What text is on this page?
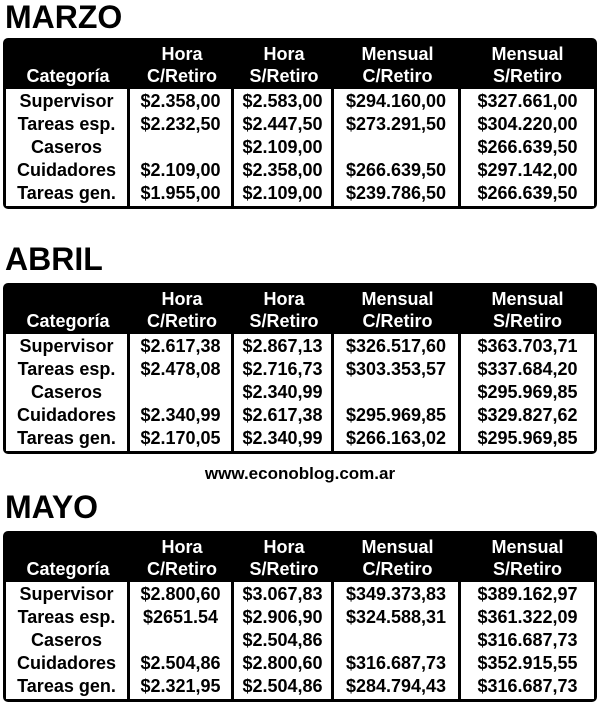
MARZO
Categoría
Hora
C/Retiro
Hora
S/Retiro
Mensual
C/Retiro
Mensual
S/Retiro
Supervisor
Tareas esp.
Caseros
Cuidadores
Tareas gen.
$2.358,00
$2.232,50
$2.109,00
$1.955,00
$2.583,00
$2.447,50
$2.109,00
$2.358,00
$2.109,00
$294.160,00
$273.291,50
$266.639,50
$239.786,50
$327.661,00
$304.220,00
$266.639,50
$297.142,00
$266.639,50
ABRIL
Categoría
Hora
C/Retiro
Hora
S/Retiro
Mensual
C/Retiro
Mensual
S/Retiro
Supervisor
Tareas esp.
Caseros
Cuidadores
Tareas gen.
$2.617,38
$2.478,08
$2.340,99
$2.170,05
$2.867,13
$2.716,73
$2.340,99
$2.617,38
$2.340,99
$326.517,60
$303.353,57
$295.969,85
$266.163,02
$363.703,71
$337.684,20
$295.969,85
$329.827,62
$295.969,85
www.econoblog.com.ar
MAYO
Categoría
Hora
C/Retiro
Hora
S/Retiro
Mensual
C/Retiro
Mensual
S/Retiro
Supervisor
Tareas esp.
Caseros
Cuidadores
Tareas gen.
$2.800,60
$2651.54
$2.504,86
$2.321,95
$3.067,83
$2.906,90
$2.504,86
$2.800,60
$2.504,86
$349.373,83
$324.588,31
$316.687,73
$284.794,43
$389.162,97
$361.322,09
$316.687,73
$352.915,55
$316.687,73
